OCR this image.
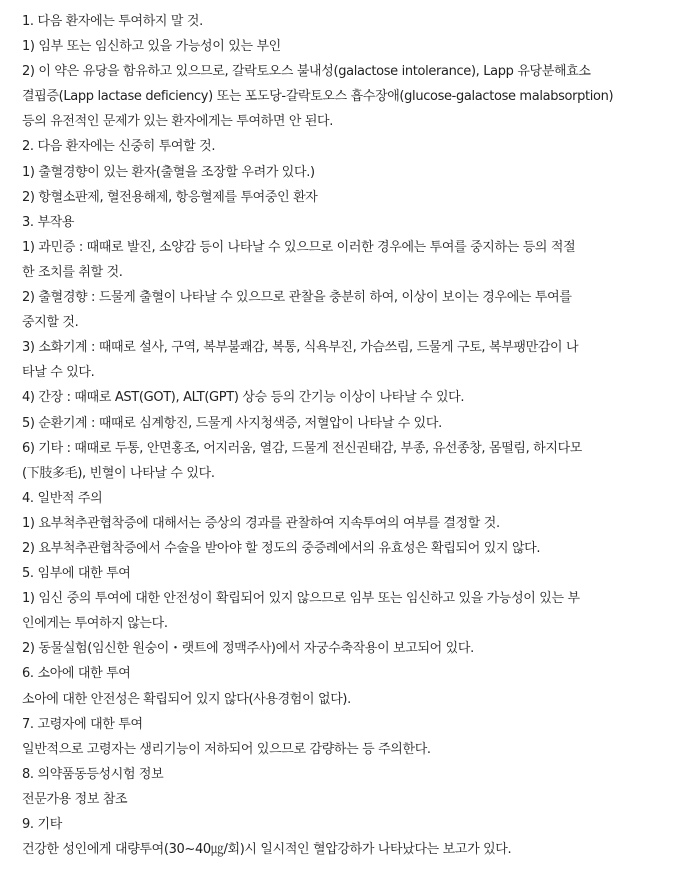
1. 다음 환자에는 투여하지 말 것.
1) 임부 또는 임신하고 있을 가능성이 있는 부인
2) 이 약은 유당을 함유하고 있으므로, 갈락토오스 불내성(galactose intolerance), Lapp 유당분해효소
결핍증(Lapp lactase deficiency) 또는 포도당-갈락토오스 흡수장애(glucose-galactose malabsorption)
등의 유전적인 문제가 있는 환자에게는 투여하면 안 된다.
2. 다음 환자에는 신중히 투여할 것.
1) 출혈경향이 있는 환자(출혈을 조장할 우려가 있다.)
2) 항혈소판제, 혈전용해제, 항응혈제를 투여중인 환자
3. 부작용
1) 과민증 : 때때로 발진, 소양감 등이 나타날 수 있으므로 이러한 경우에는 투여를 중지하는 등의 적절
한 조치를 취할 것.
2) 출혈경향 : 드물게 출혈이 나타날 수 있으므로 관찰을 충분히 하여, 이상이 보이는 경우에는 투여를
중지할 것.
3) 소화기계 : 때때로 설사, 구역, 복부불쾌감, 복통, 식욕부진, 가슴쓰림, 드물게 구토, 복부팽만감이 나
타날 수 있다.
4) 간장 : 때때로 AST(GOT), ALT(GPT) 상승 등의 간기능 이상이 나타날 수 있다.
5) 순환기계 : 때때로 심계항진, 드물게 사지청색증, 저혈압이 나타날 수 있다.
6) 기타 : 때때로 두통, 안면홍조, 어지러움, 열감, 드물게 전신권태감, 부종, 유선종창, 몸떨림, 하지다모
(下肢多毛), 빈혈이 나타날 수 있다.
4. 일반적 주의
1) 요부척추관협착증에 대해서는 증상의 경과를 관찰하여 지속투여의 여부를 결정할 것.
2) 요부척추관협착증에서 수술을 받아야 할 정도의 중증례에서의 유효성은 확립되어 있지 않다.
5. 임부에 대한 투여
1) 임신 중의 투여에 대한 안전성이 확립되어 있지 않으므로 임부 또는 임신하고 있을 가능성이 있는 부
인에게는 투여하지 않는다.
2) 동물실험(임신한 원숭이・랫트에 정맥주사)에서 자궁수축작용이 보고되어 있다.
6. 소아에 대한 투여
소아에 대한 안전성은 확립되어 있지 않다(사용경험이 없다).
7. 고령자에 대한 투여
일반적으로 고령자는 생리기능이 저하되어 있으므로 감량하는 등 주의한다.
8. 의약품동등성시험 정보
전문가용 정보 참조
9. 기타
건강한 성인에게 대량투여(30~40㎍/회)시 일시적인 혈압강하가 나타났다는 보고가 있다.
